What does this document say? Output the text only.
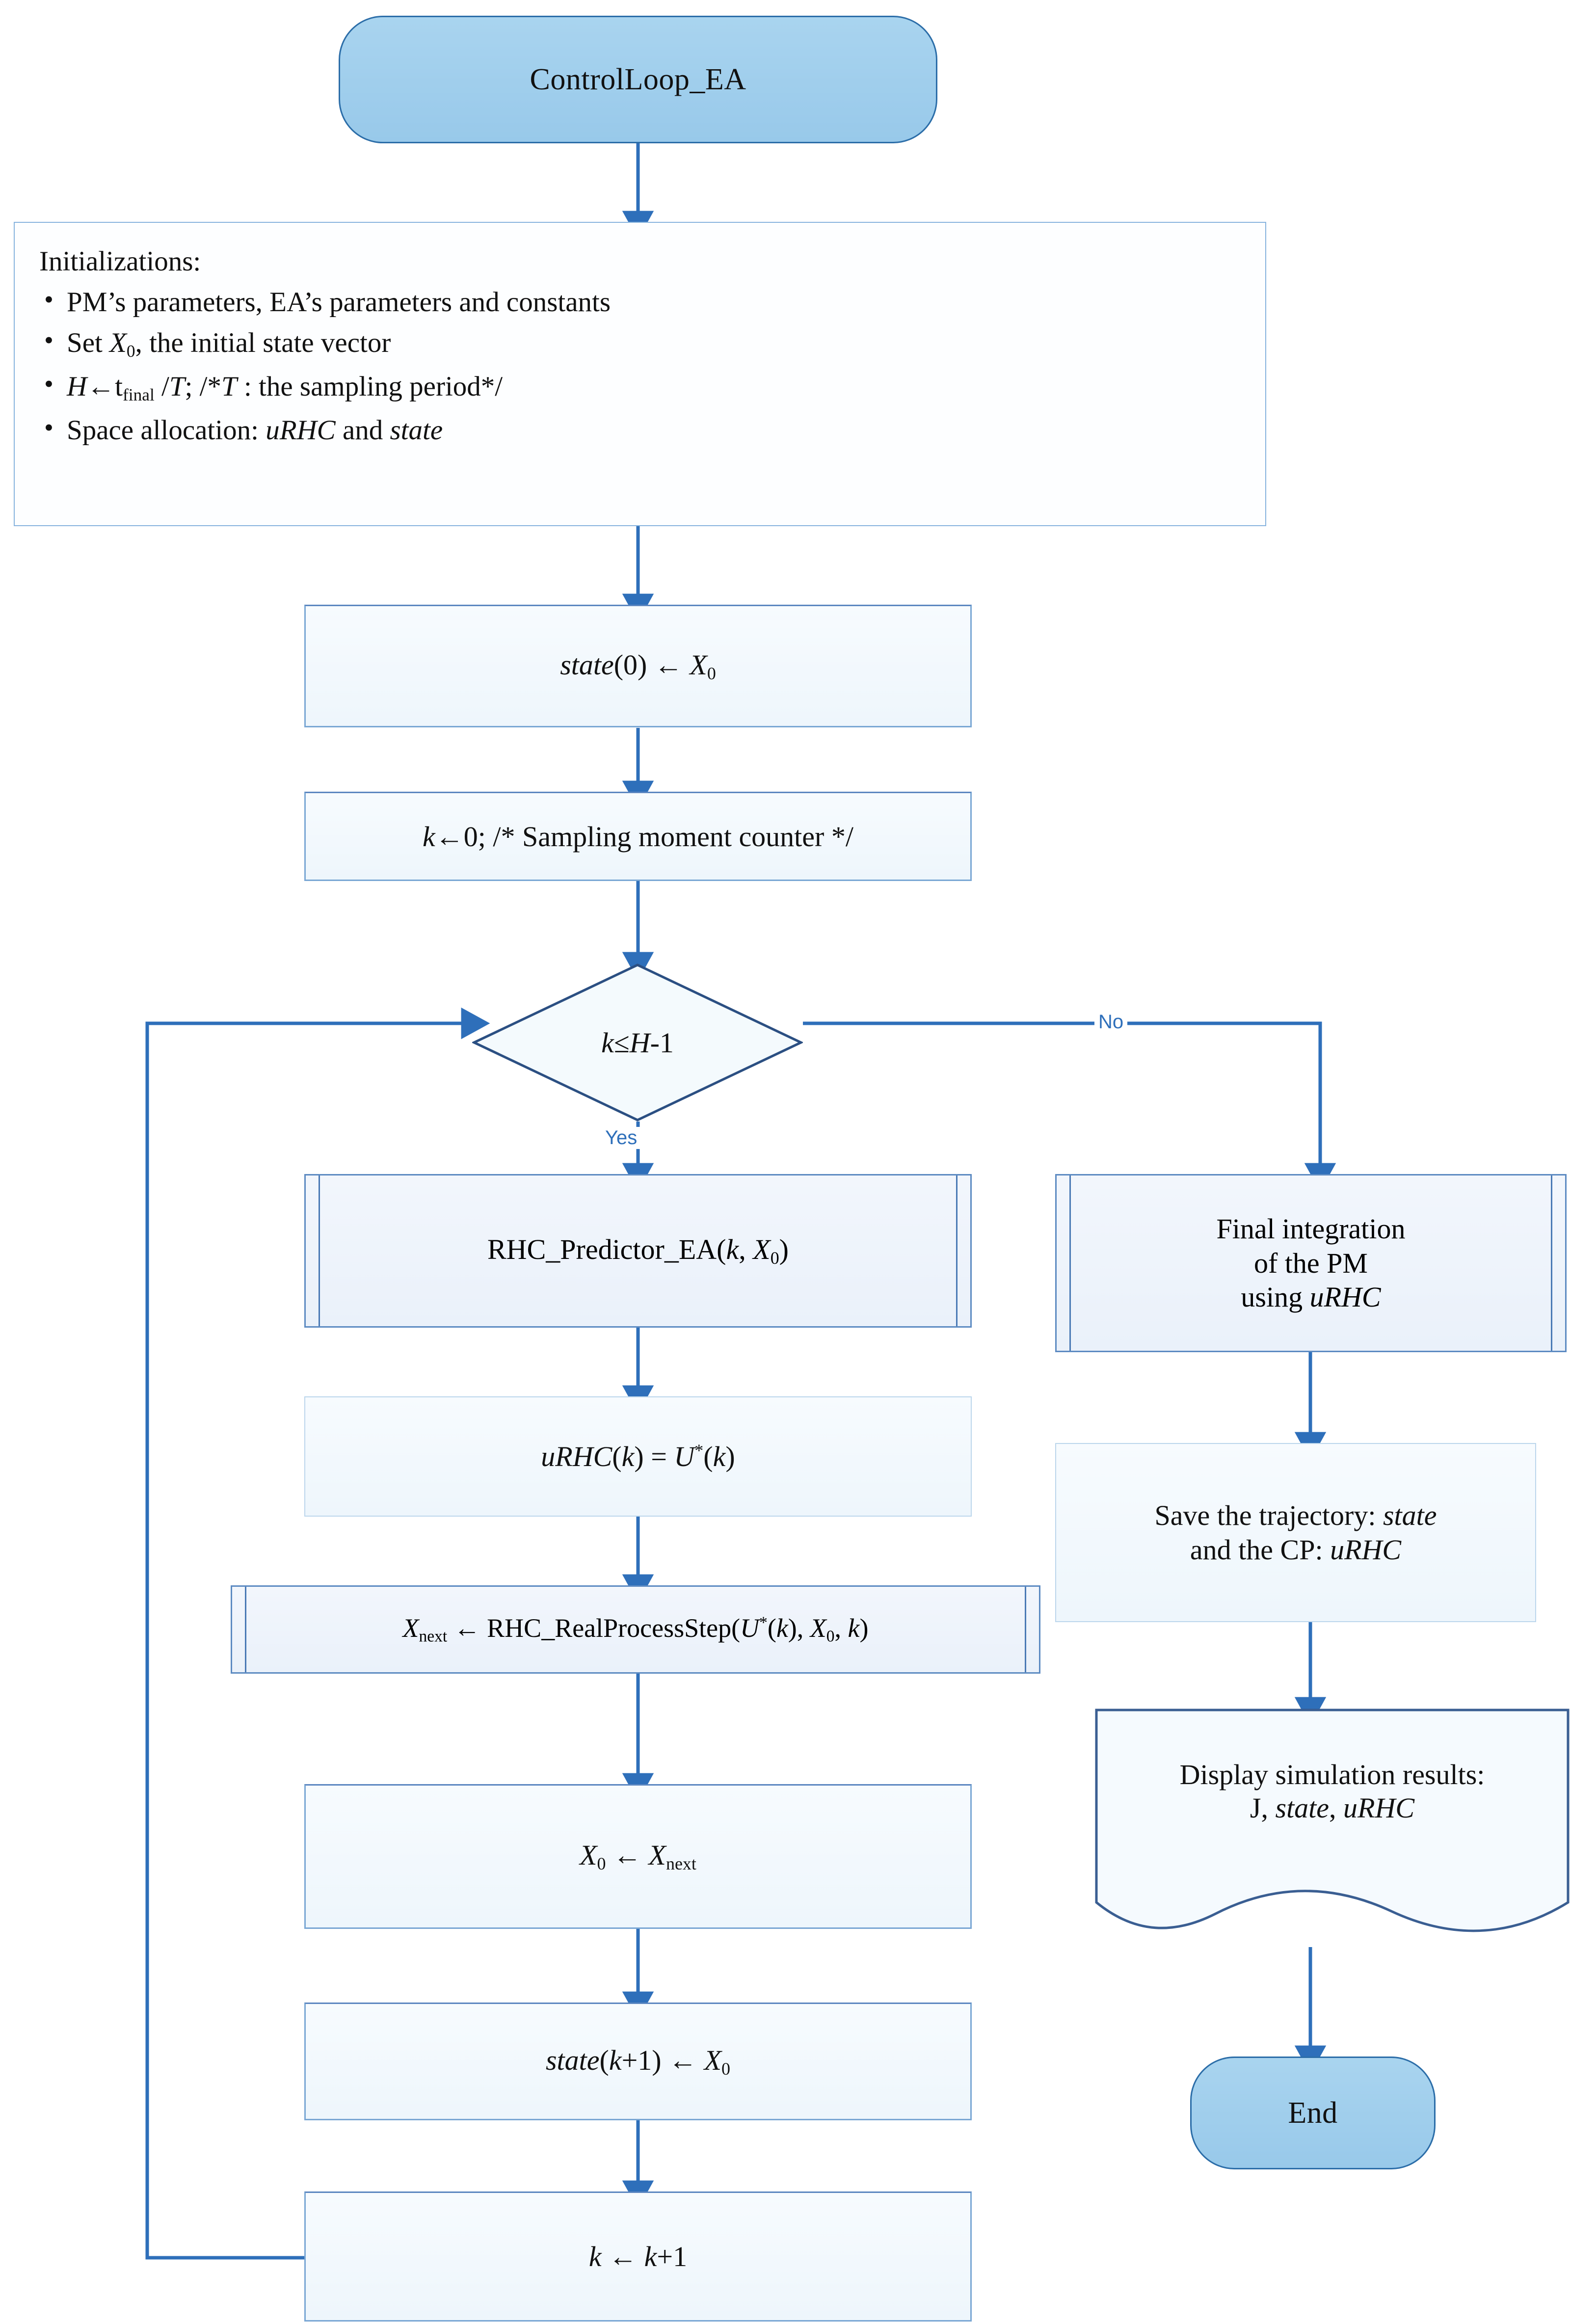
ControlLoop_EA
Initializations:
• PM’s parameters, EA’s parameters and constants
• Set $X_0$, the initial state vector
• $H\leftarrow t_{final}$ /T; /*T : the sampling period*/
• Space allocation: uRHC and state
state(0) ← $X_0$
k←0; /* Sampling moment counter */
k ≤ H -1
Yes
No
RHC_Predictor_EA(k, $X_0$)
uRHC(k) = U*(k)
$X_{next}$ ← RHC_RealProcessStep(U*(k), $X_0$, k)
$X_0$ ← $X_{next}$
state(k+1) ← $X_0$
k ← k+1
Final integration
of the PM
using uRHC
Save the trajectory: state
and the CP: uRHC
Display simulation results:
J, state, uRHC
End
